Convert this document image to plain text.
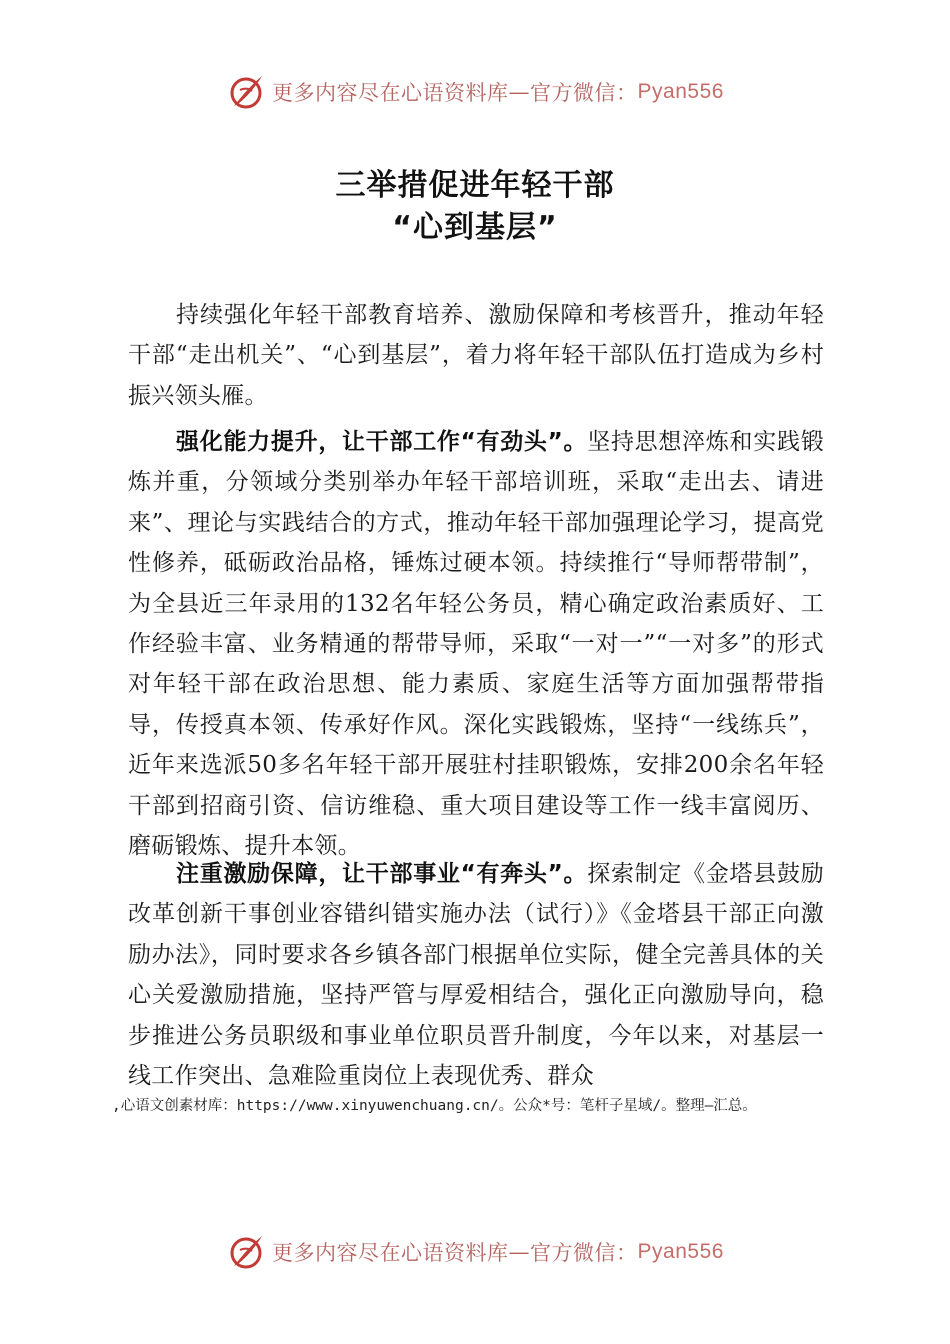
更多内容尽在心语资料库 — 官方微信： Pyan556
三举措促进年轻干部
“心到基层”

持续强化年轻干部教育培养、激励保障和考核晋升，推动年轻干部“走出机关”、“心到基层”，着力将年轻干部队伍打造成为乡村振兴领头雁。

强化能力提升，让干部工作“有劲头”。坚持思想淬炼和实践锻炼并重，分领域分类别举办年轻干部培训班，采取“走出去、请进来”、理论与实践结合的方式，推动年轻干部加强理论学习，提高党性修养，砥砺政治品格，锤炼过硬本领。持续推行“导师帮带制”，为全县近三年录用的132名年轻公务员，精心确定政治素质好、工作经验丰富、业务精通的帮带导师，采取“一对一”“一对多”的形式对年轻干部在政治思想、能力素质、家庭生活等方面加强帮带指导，传授真本领、传承好作风。深化实践锻炼，坚持“一线练兵”，近年来选派50多名年轻干部开展驻村挂职锻炼，安排200余名年轻干部到招商引资、信访维稳、重大项目建设等工作一线丰富阅历、磨砺锻炼、提升本领。

注重激励保障，让干部事业“有奔头”。探索制定《金塔县鼓励改革创新干事创业容错纠错实施办法（试行）》《金塔县干部正向激励办法》，同时要求各乡镇各部门根据单位实际，健全完善具体的关心关爱激励措施，坚持严管与厚爱相结合，强化正向激励导向，稳步推进公务员职级和事业单位职员晋升制度，今年以来，对基层一线工作突出、急难险重岗位上表现优秀、群众

,心语文创素材库：https://www.xinyuwenchuang.cn/。公众*号：笔杆子星域/。整理—汇总。
更多内容尽在心语资料库 — 官方微信： Pyan556
